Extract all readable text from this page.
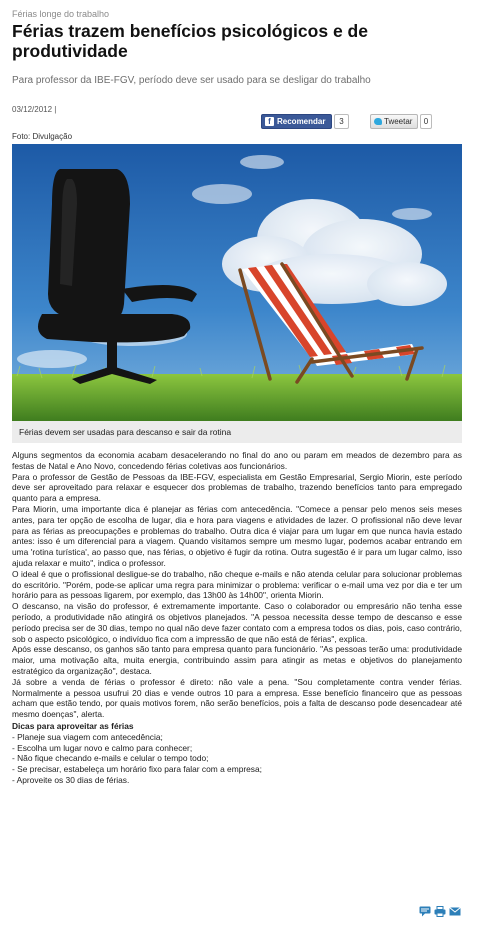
Férias longe do trabalho
Férias trazem benefícios psicológicos e de produtividade
Para professor da IBE-FGV, período deve ser usado para se desligar do trabalho
03/12/2012 |
f Recomendar	3	Tweetar	0
Foto: Divulgação
Férias devem ser usadas para descanso e sair da rotina

Alguns segmentos da economia acabam desacelerando no final do ano ou param em meados de dezembro para as festas de Natal e Ano Novo, concedendo férias coletivas aos funcionários.

Para o professor de Gestão de Pessoas da IBE-FGV, especialista em Gestão Empresarial, Sergio Miorin, este período deve ser aproveitado para relaxar e esquecer dos problemas de trabalho, trazendo benefícios tanto para empregado quanto para a empresa.

Para Miorin, uma importante dica é planejar as férias com antecedência. "Comece a pensar pelo menos seis meses antes, para ter opção de escolha de lugar, dia e hora para viagens e atividades de lazer. O profissional não deve levar para as férias as preocupações e problemas do trabalho. Outra dica é viajar para um lugar em que nunca havia estado antes: isso é um diferencial para a viagem. Quando visitamos sempre um mesmo lugar, podemos acabar entrando em uma 'rotina turística', ao passo que, nas férias, o objetivo é fugir da rotina. Outra sugestão é ir para um lugar calmo, isso ajuda relaxar e muito", indica o professor.

O ideal é que o profissional desligue-se do trabalho, não cheque e-mails e não atenda celular para solucionar problemas do escritório. "Porém, pode-se aplicar uma regra para minimizar o problema: verificar o e-mail uma vez por dia e ter um horário para as pessoas ligarem, por exemplo, das 13h00 às 14h00", orienta Miorin.

O descanso, na visão do professor, é extremamente importante. Caso o colaborador ou empresário não tenha esse período, a produtividade não atingirá os objetivos planejados. "A pessoa necessita desse tempo de descanso e esse período precisa ser de 30 dias, tempo no qual não deve fazer contato com a empresa todos os dias, pois, caso contrário, sob o aspecto psicológico, o indivíduo fica com a impressão de que não está de férias", explica.

Após esse descanso, os ganhos são tanto para empresa quanto para funcionário. "As pessoas terão uma: produtividade maior, uma motivação alta, muita energia, contribuindo assim para atingir as metas e objetivos do planejamento estratégico da organização", destaca.

Já sobre a venda de férias o professor é direto: não vale a pena. "Sou completamente contra vender férias. Normalmente a pessoa usufrui 20 dias e vende outros 10 para a empresa. Esse benefício financeiro que as pessoas acham que estão tendo, por quais motivos forem, não serão benefícios, pois a falta de descanso pode desencadear até mesmo doenças", alerta.

Dicas para aproveitar as férias

- Planeje sua viagem com antecedência;
- Escolha um lugar novo e calmo para conhecer;
- Não fique checando e-mails e celular o tempo todo;
- Se precisar, estabeleça um horário fixo para falar com a empresa;
- Aproveite os 30 dias de férias.
